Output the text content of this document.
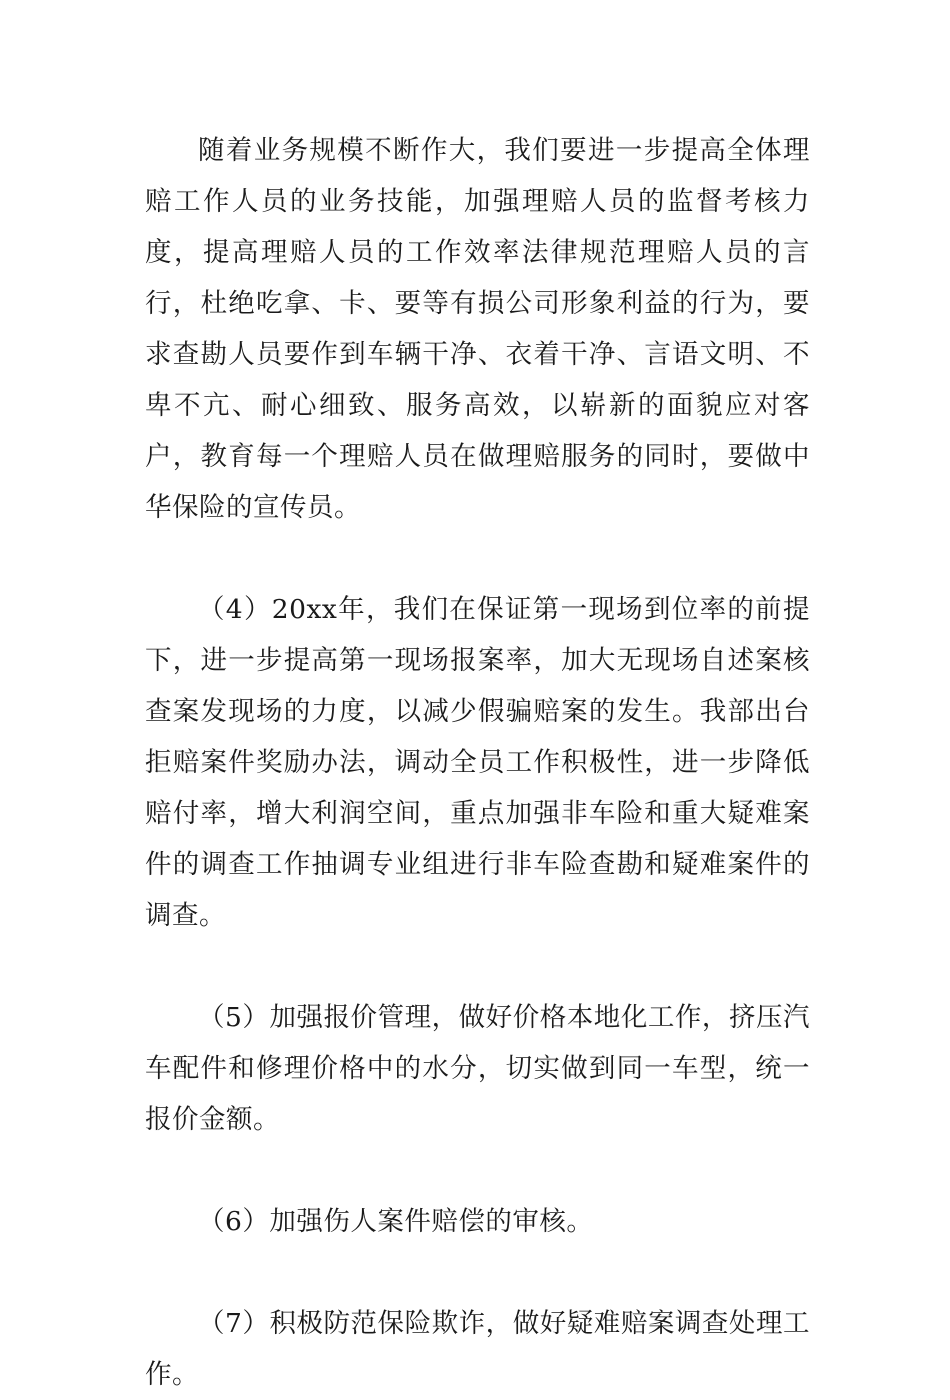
随着业务规模不断作大，我们要进一步提高全体理赔工作人员的业务技能，加强理赔人员的监督考核力度，提高理赔人员的工作效率法律规范理赔人员的言行，杜绝吃拿、卡、要等有损公司形象利益的行为，要求查勘人员要作到车辆干净、衣着干净、言语文明、不卑不亢、耐心细致、服务高效，以崭新的面貌应对客户，教育每一个理赔人员在做理赔服务的同时，要做中华保险的宣传员。

（4）20xx年，我们在保证第一现场到位率的前提下，进一步提高第一现场报案率，加大无现场自述案核查案发现场的力度，以减少假骗赔案的发生。我部出台拒赔案件奖励办法，调动全员工作积极性，进一步降低赔付率，增大利润空间，重点加强非车险和重大疑难案件的调查工作抽调专业组进行非车险查勘和疑难案件的调查。

（5）加强报价管理，做好价格本地化工作，挤压汽车配件和修理价格中的水分，切实做到同一车型，统一报价金额。

（6）加强伤人案件赔偿的审核。

（7）积极防范保险欺诈，做好疑难赔案调查处理工作。
